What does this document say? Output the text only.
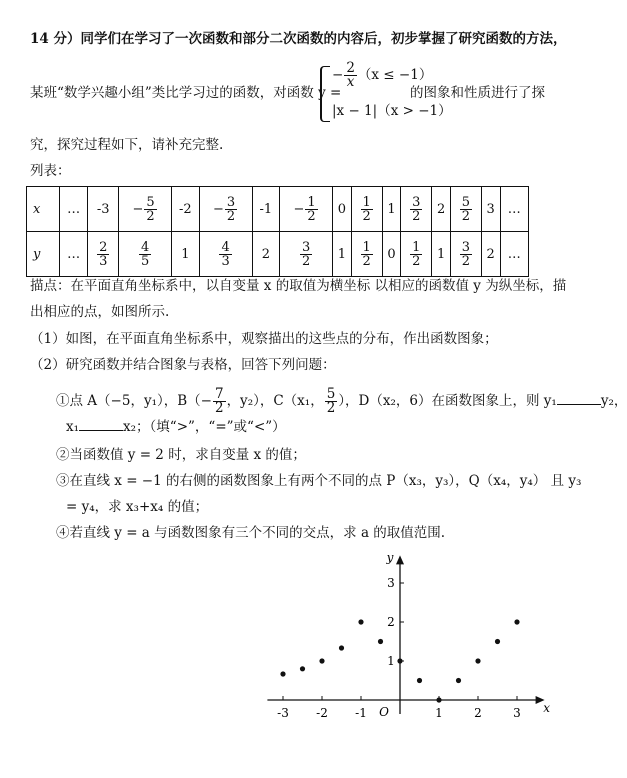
14 分）同学们在学习了一次函数和部分二次函数的内容后，初步掌握了研究函数的方法，
某班“数学兴趣小组”类比学习过的函数，对函数 y =
− $\frac{2}{x} (x \le -1)$
|x − 1|（x > −1）
的图象和性质进行了探
究，探究过程如下，请补充完整.
列表：
x	…	-3	− $\frac{5}{2}$	-2	− $\frac{3}{2}$	-1	− $\frac{1}{2}$	0	$\frac{1}{2}$	1	$\frac{3}{2}$	2	$\frac{5}{2}$	3	…
y	…	$\frac{2}{3}$	$\frac{4}{5}$	1	$\frac{4}{3}$	2	$\frac{3}{2}$	1	$\frac{1}{2}$	0	$\frac{1}{2}$	1	$\frac{3}{2}$	2	…
描点：在平面直角坐标系中，以自变量 x 的取值为横坐标 以相应的函数值 y 为纵坐标，描
出相应的点，如图所示.
（1）如图，在平面直角坐标系中，观察描出的这些点的分布，作出函数图象；
（2）研究函数并结合图象与表格，回答下列问题：
①点 A（−5，y₁），$B(- \frac{7}{2}$ ，y₂），C（x₁， $\frac{5}{2}$ ），D（x₂，6）在函数图象上，则 y₁	y₂，
x₁	x₂；（填“>”，“=”或“<”）
②当函数值 y = 2 时，求自变量 x 的值；
③在直线 x = −1 的右侧的函数图象上有两个不同的点 P（x₃，y₃），Q（x₄，y₄） 且 y₃
= y₄，求 x₃+x₄ 的值；
④若直线 y = a 与函数图象有三个不同的交点，求 a 的取值范围.
x
y
O
-3 -2 -1	1	2	3
1
2
3
